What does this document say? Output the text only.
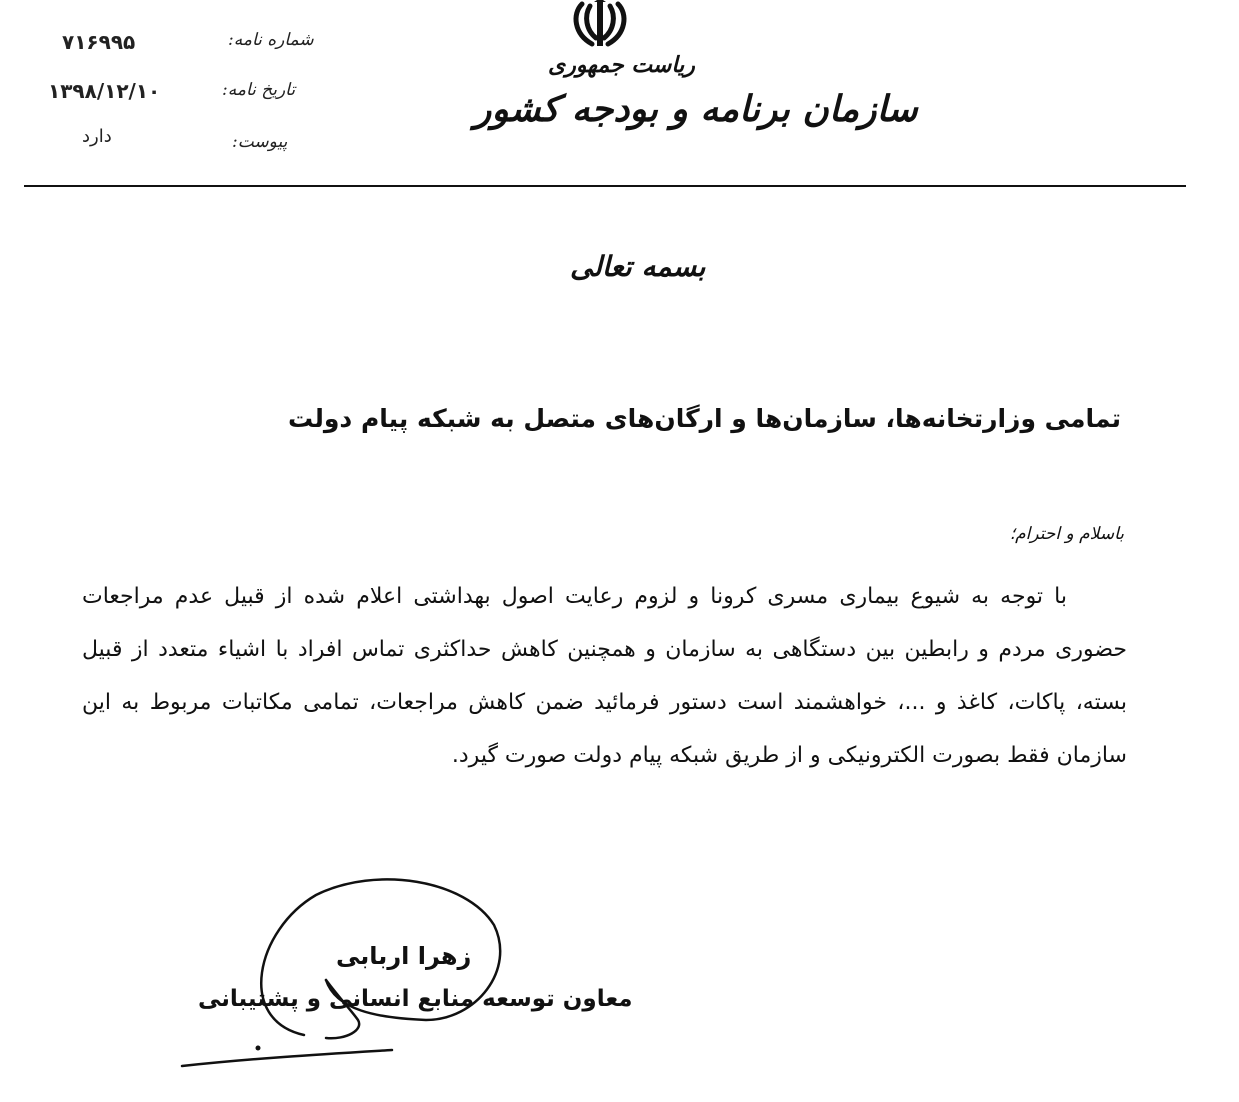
شماره نامه:
۷۱۶۹۹۵
تاریخ نامه:
۱۳۹۸/۱۲/۱۰
پیوست:
دارد
ریاست جمهوری
سازمان برنامه و بودجه کشور
بسمه تعالی
تمامی وزارتخانه‌ها، سازمان‌ها و ارگان‌های متصل به شبکه پیام دولت
باسلام و احترام؛
با توجه به شیوع بیماری مسری کرونا و لزوم رعایت اصول بهداشتی اعلام شده از قبیل عدم مراجعات حضوری مردم و رابطین بین دستگاهی به سازمان و همچنین کاهش حداکثری تماس افراد با اشیاء متعدد از قبیل بسته، پاکات، کاغذ و ...، خواهشمند است دستور فرمائید ضمن کاهش مراجعات، تمامی مکاتبات مربوط به این سازمان فقط بصورت الکترونیکی و از طریق شبکه پیام دولت صورت گیرد.
زهرا اربابی
معاون توسعه منابع انسانی و پشتیبانی
